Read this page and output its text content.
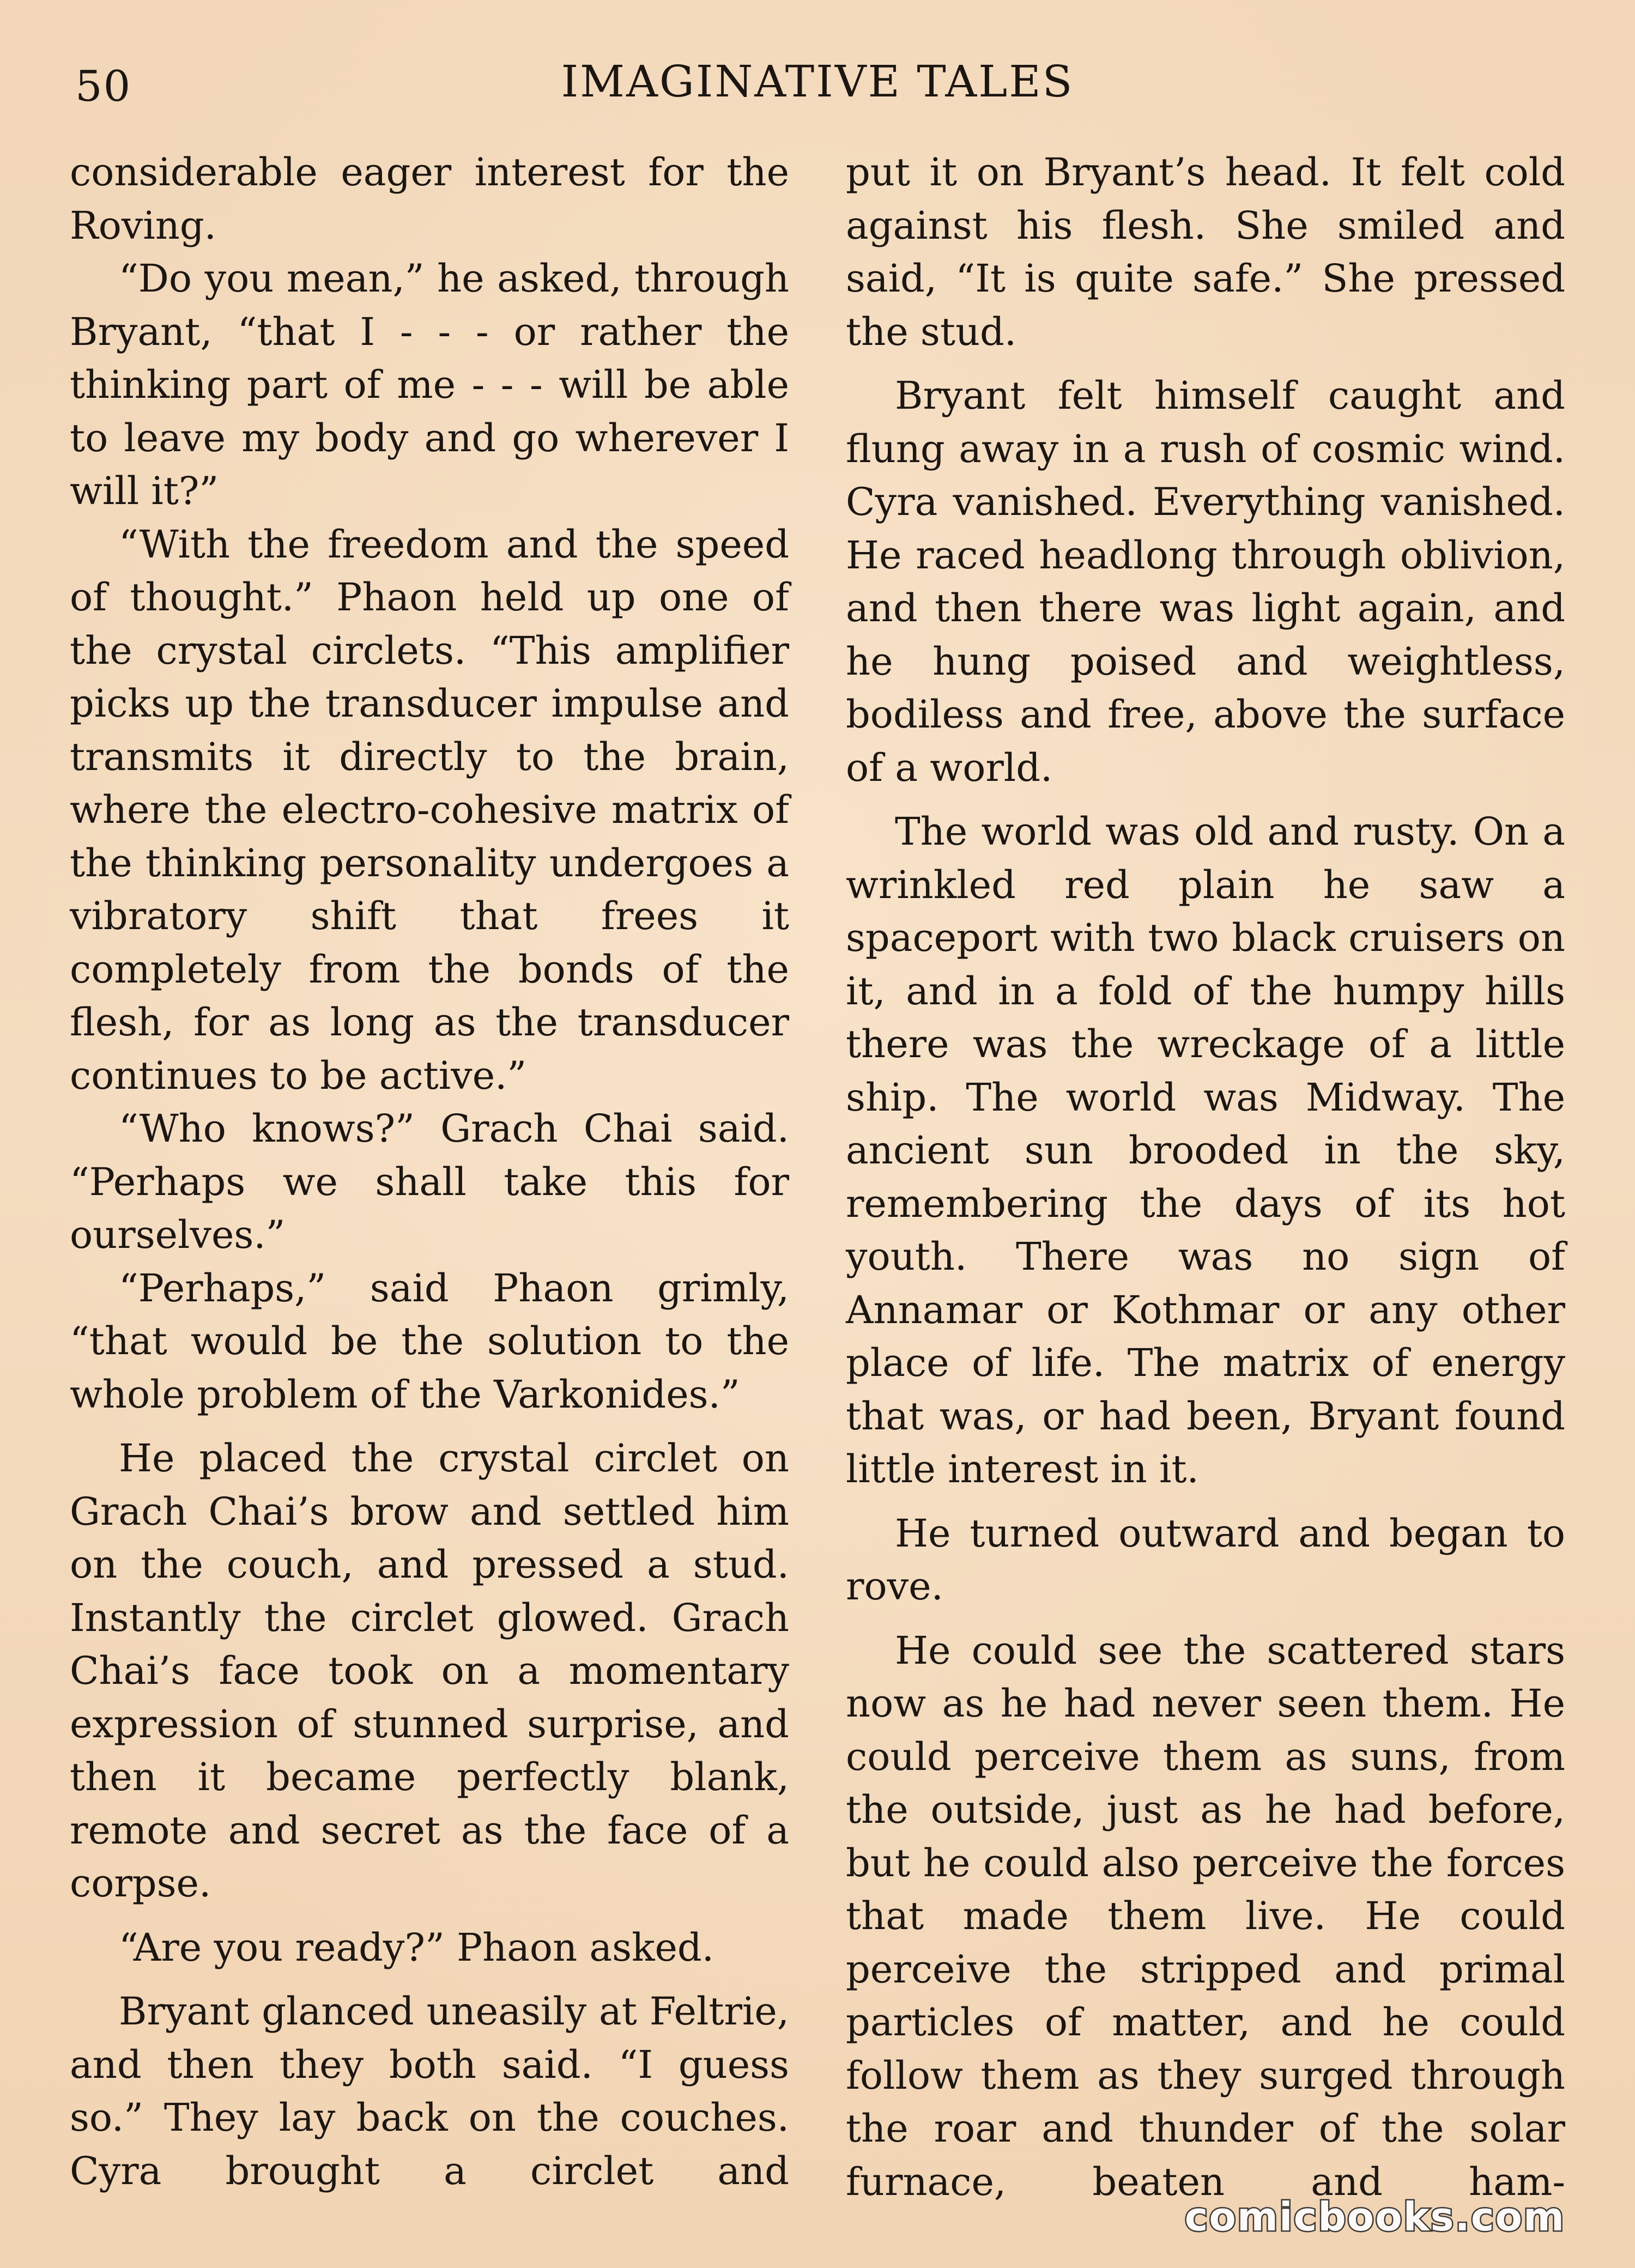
50	IMAGINATIVE TALES

considerable eager interest for the Roving.

“Do you mean,” he asked, through Bryant, “that I - - - or rather the thinking part of me - - - will be able to leave my body and go wherever I will it?”

“With the freedom and the speed of thought.” Phaon held up one of the crystal circlets. “This amplifier picks up the transducer impulse and transmits it directly to the brain, where the electro-cohesive matrix of the thinking personality undergoes a vibratory shift that frees it completely from the bonds of the flesh, for as long as the transducer continues to be active.”

“Who knows?” Grach Chai said. “Perhaps we shall take this for ourselves.”

“Perhaps,” said Phaon grimly, “that would be the solution to the whole problem of the Varkonides.”

He placed the crystal circlet on Grach Chai’s brow and settled him on the couch, and pressed a stud. Instantly the circlet glowed. Grach Chai’s face took on a momentary expression of stunned surprise, and then it became perfectly blank, remote and secret as the face of a corpse.

“Are you ready?” Phaon asked.

Bryant glanced uneasily at Feltrie, and then they both said. “I guess so.” They lay back on the couches. Cyra brought a circlet and

put it on Bryant’s head. It felt cold against his flesh. She smiled and said, “It is quite safe.” She pressed the stud.

Bryant felt himself caught and flung away in a rush of cosmic wind. Cyra vanished. Everything vanished. He raced headlong through oblivion, and then there was light again, and he hung poised and weightless, bodiless and free, above the surface of a world.

The world was old and rusty. On a wrinkled red plain he saw a spaceport with two black cruisers on it, and in a fold of the humpy hills there was the wreckage of a little ship. The world was Midway. The ancient sun brooded in the sky, remembering the days of its hot youth. There was no sign of Annamar or Kothmar or any other place of life. The matrix of energy that was, or had been, Bryant found little interest in it.

He turned outward and began to rove.

He could see the scattered stars now as he had never seen them. He could perceive them as suns, from the outside, just as he had before, but he could also perceive the forces that made them live. He could perceive the stripped and primal particles of matter, and he could follow them as they surged through the roar and thunder of the solar furnace, beaten and ham-

comicbooks.com
